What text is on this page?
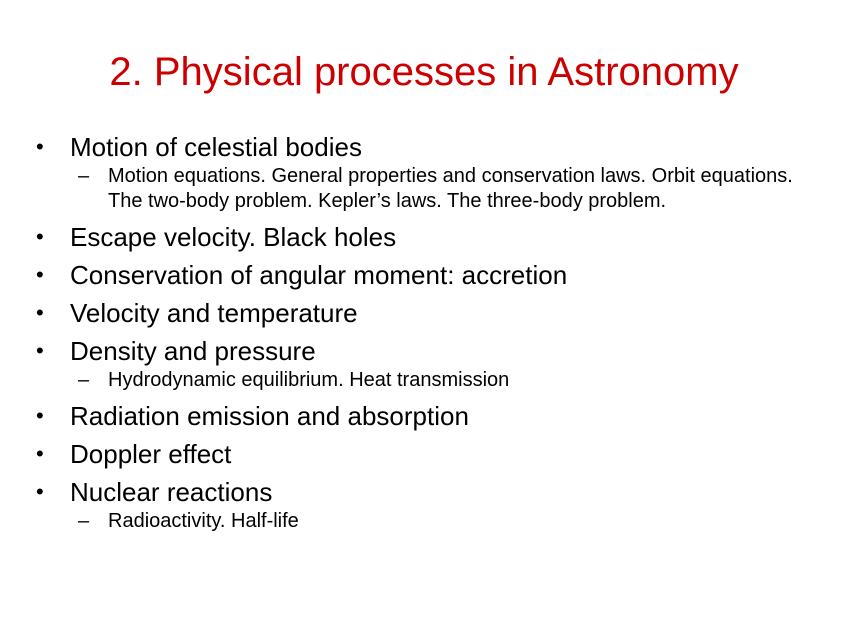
2. Physical processes in Astronomy
•	Motion of celestial bodies
– Motion equations. General properties and conservation laws. Orbit equations. The two-body problem. Kepler’s laws. The three-body problem.
•	Escape velocity. Black holes
•	Conservation of angular moment: accretion
•	Velocity and temperature
•	Density and pressure
– Hydrodynamic equilibrium. Heat transmission
•	Radiation emission and absorption
•	Doppler effect
•	Nuclear reactions
– Radioactivity. Half-life
